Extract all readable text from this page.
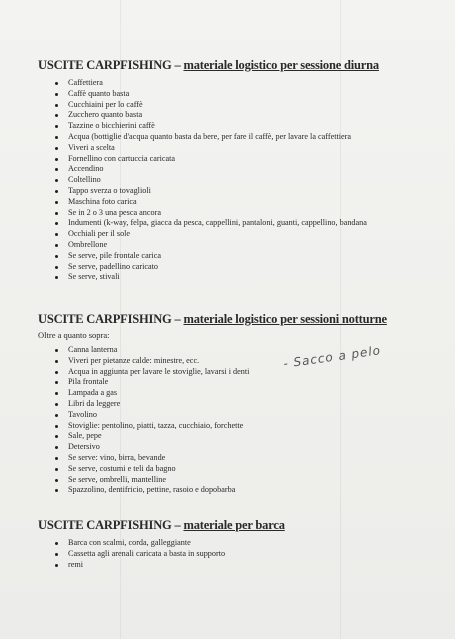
USCITE CARPFISHING – materiale logistico per sessione diurna

Caffettiera
Caffè quanto basta
Cucchiaini per lo caffè
Zucchero quanto basta
Tazzine o bicchierini caffè
Acqua (bottiglie d'acqua quanto basta da bere, per fare il caffè, per lavare la caffettiera
Viveri a scelta
Fornellino con cartuccia caricata
Accendino
Coltellino
Tappo sverza o tovaglioli
Maschina foto carica
Se in 2 o 3 una pesca ancora
Indumenti (k-way, felpa, giacca da pesca, cappellini, pantaloni, guanti, cappellino, bandana
Occhiali per il sole
Ombrellone
Se serve, pile frontale carica
Se serve, padellino caricato
Se serve, stivali

USCITE CARPFISHING – materiale logistico per sessioni notturne

Oltre a quanto sopra:

Canna lanterna
Viveri per pietanze calde: minestre, ecc.
Acqua in aggiunta per lavare le stoviglie, lavarsi i denti
Pila frontale
Lampada a gas
Libri da leggere
Tavolino
Stoviglie: pentolino, piatti, tazza, cucchiaio, forchette
Sale, pepe
Detersivo
Se serve: vino, birra, bevande
Se serve, costumi e teli da bagno
Se serve, ombrelli, mantelline
Spazzolino, dentifricio, pettine, rasoio e dopobarba

USCITE CARPFISHING – materiale per barca

Barca con scalmi, corda, galleggiante
Cassetta agli arenali caricata a basta in supporto
remi
- Sacco a pelo
